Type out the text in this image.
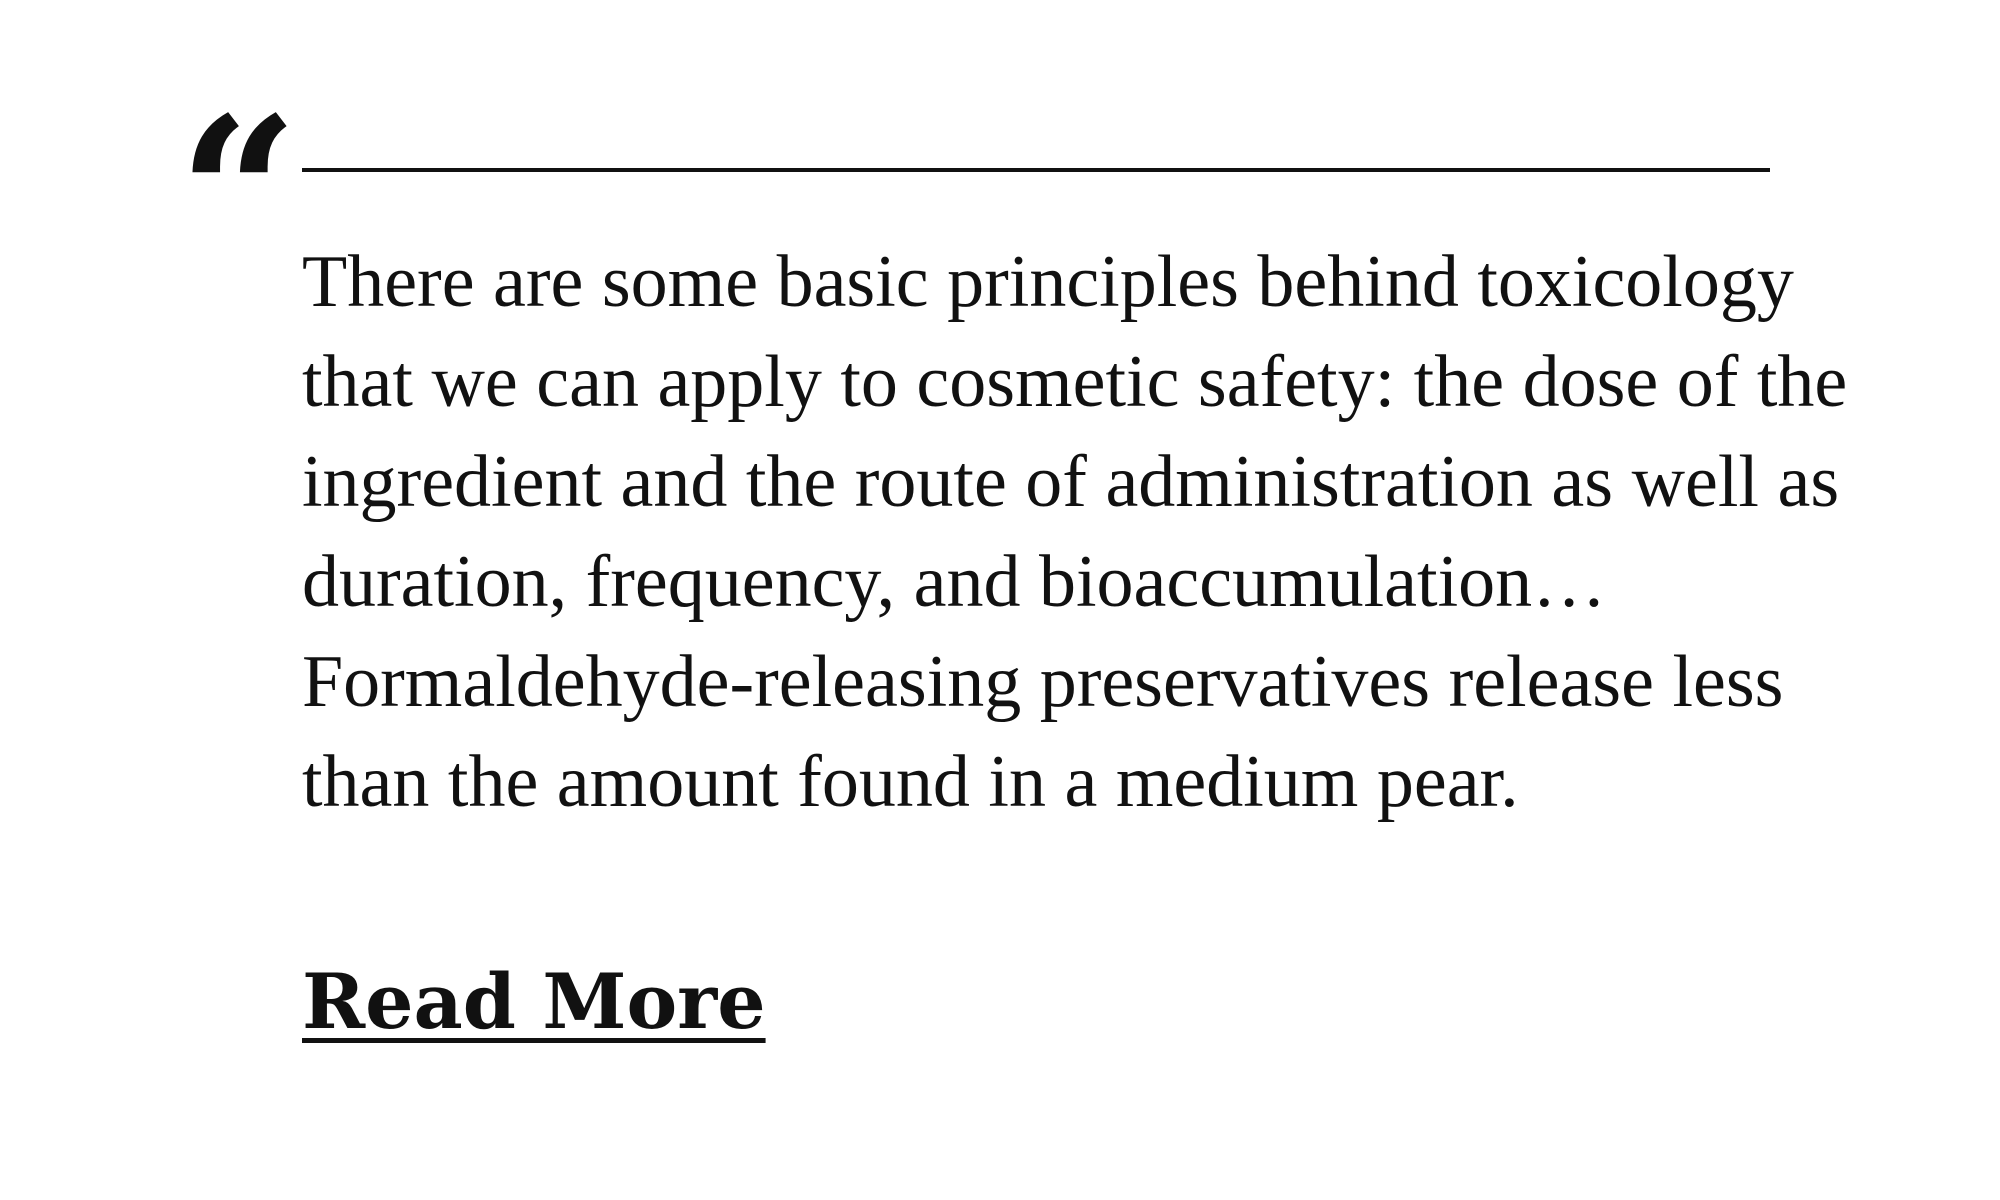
“ There are some basic principles behind toxicology that we can apply to cosmetic safety: the dose of the ingredient and the route of administration as well as duration, frequency, and bioaccumulation… Formaldehyde-releasing preservatives release less than the amount found in a medium pear.

Read More
